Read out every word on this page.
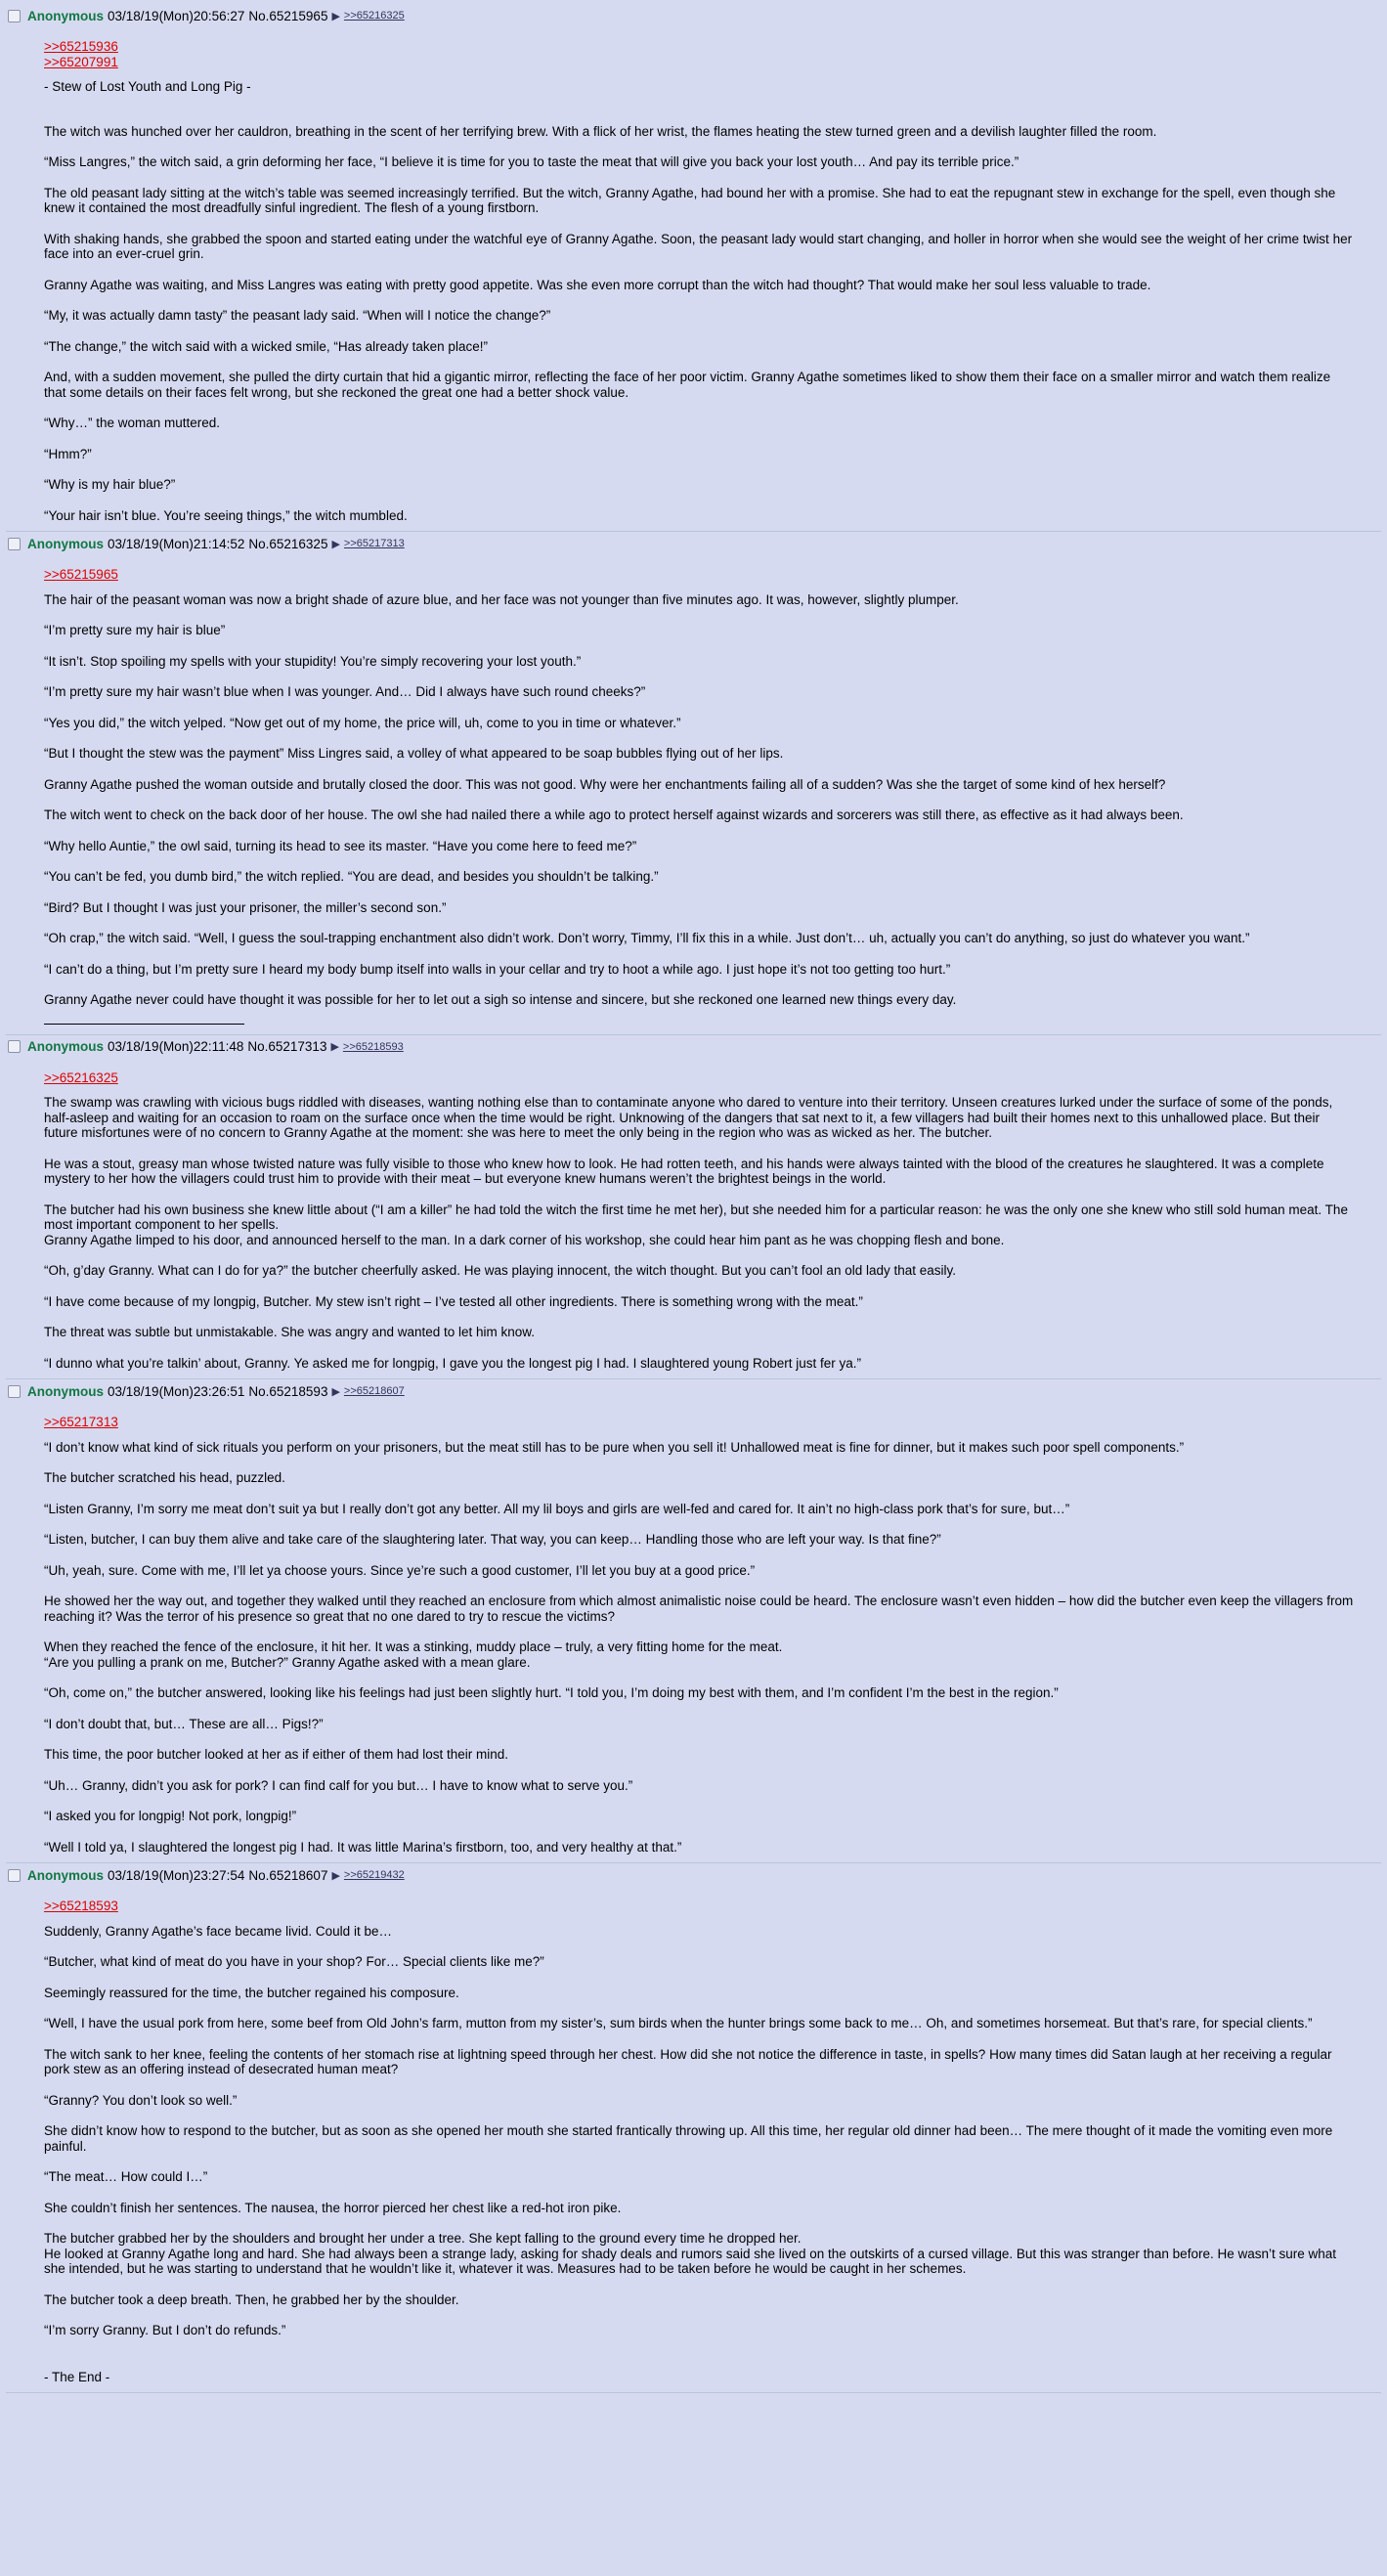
Anonymous 03/18/19(Mon)20:56:27 No.65215965 ▶ >>65216325
>>65215936
>>65207991

- Stew of Lost Youth and Long Pig -

The witch was hunched over her cauldron, breathing in the scent of her terrifying brew. With a flick of her wrist, the flames heating the stew turned green and a devilish laughter filled the room.

“Miss Langres,” the witch said, a grin deforming her face, “I believe it is time for you to taste the meat that will give you back your lost youth… And pay its terrible price.”

The old peasant lady sitting at the witch’s table was seemed increasingly terrified. But the witch, Granny Agathe, had bound her with a promise. She had to eat the repugnant stew in exchange for the spell, even though she knew it contained the most dreadfully sinful ingredient. The flesh of a young firstborn.

With shaking hands, she grabbed the spoon and started eating under the watchful eye of Granny Agathe. Soon, the peasant lady would start changing, and holler in horror when she would see the weight of her crime twist her face into an ever-cruel grin.

Granny Agathe was waiting, and Miss Langres was eating with pretty good appetite. Was she even more corrupt than the witch had thought? That would make her soul less valuable to trade.

“My, it was actually damn tasty” the peasant lady said. “When will I notice the change?”

“The change,” the witch said with a wicked smile, “Has already taken place!”

And, with a sudden movement, she pulled the dirty curtain that hid a gigantic mirror, reflecting the face of her poor victim. Granny Agathe sometimes liked to show them their face on a smaller mirror and watch them realize that some details on their faces felt wrong, but she reckoned the great one had a better shock value.

“Why…” the woman muttered.

“Hmm?”

“Why is my hair blue?”

“Your hair isn’t blue. You’re seeing things,” the witch mumbled.

Anonymous 03/18/19(Mon)21:14:52 No.65216325 ▶ >>65217313
>>65215965

The hair of the peasant woman was now a bright shade of azure blue, and her face was not younger than five minutes ago. It was, however, slightly plumper.

“I’m pretty sure my hair is blue”

“It isn’t. Stop spoiling my spells with your stupidity! You’re simply recovering your lost youth.”

“I’m pretty sure my hair wasn’t blue when I was younger. And… Did I always have such round cheeks?”

“Yes you did,” the witch yelped. “Now get out of my home, the price will, uh, come to you in time or whatever.”

“But I thought the stew was the payment” Miss Lingres said, a volley of what appeared to be soap bubbles flying out of her lips.

Granny Agathe pushed the woman outside and brutally closed the door. This was not good. Why were her enchantments failing all of a sudden? Was she the target of some kind of hex herself?

The witch went to check on the back door of her house. The owl she had nailed there a while ago to protect herself against wizards and sorcerers was still there, as effective as it had always been.

“Why hello Auntie,” the owl said, turning its head to see its master. “Have you come here to feed me?”

“You can’t be fed, you dumb bird,” the witch replied. “You are dead, and besides you shouldn’t be talking.”

“Bird? But I thought I was just your prisoner, the miller’s second son.”

“Oh crap,” the witch said. “Well, I guess the soul-trapping enchantment also didn’t work. Don’t worry, Timmy, I’ll fix this in a while. Just don’t… uh, actually you can’t do anything, so just do whatever you want.”

“I can’t do a thing, but I’m pretty sure I heard my body bump itself into walls in your cellar and try to hoot a while ago. I just hope it’s not too getting too hurt.”

Granny Agathe never could have thought it was possible for her to let out a sigh so intense and sincere, but she reckoned one learned new things every day.

Anonymous 03/18/19(Mon)22:11:48 No.65217313 ▶ >>65218593
>>65216325

The swamp was crawling with vicious bugs riddled with diseases, wanting nothing else than to contaminate anyone who dared to venture into their territory. Unseen creatures lurked under the surface of some of the ponds, half-asleep and waiting for an occasion to roam on the surface once when the time would be right. Unknowing of the dangers that sat next to it, a few villagers had built their homes next to this unhallowed place. But their future misfortunes were of no concern to Granny Agathe at the moment: she was here to meet the only being in the region who was as wicked as her. The butcher.

He was a stout, greasy man whose twisted nature was fully visible to those who knew how to look. He had rotten teeth, and his hands were always tainted with the blood of the creatures he slaughtered. It was a complete mystery to her how the villagers could trust him to provide with their meat – but everyone knew humans weren’t the brightest beings in the world.

The butcher had his own business she knew little about (“I am a killer” he had told the witch the first time he met her), but she needed him for a particular reason: he was the only one she knew who still sold human meat. The most important component to her spells.
Granny Agathe limped to his door, and announced herself to the man. In a dark corner of his workshop, she could hear him pant as he was chopping flesh and bone.

“Oh, g’day Granny. What can I do for ya?” the butcher cheerfully asked. He was playing innocent, the witch thought. But you can’t fool an old lady that easily.

“I have come because of my longpig, Butcher. My stew isn’t right – I’ve tested all other ingredients. There is something wrong with the meat.”

The threat was subtle but unmistakable. She was angry and wanted to let him know.

“I dunno what you’re talkin’ about, Granny. Ye asked me for longpig, I gave you the longest pig I had. I slaughtered young Robert just fer ya.”

Anonymous 03/18/19(Mon)23:26:51 No.65218593 ▶ >>65218607
>>65217313

“I don’t know what kind of sick rituals you perform on your prisoners, but the meat still has to be pure when you sell it! Unhallowed meat is fine for dinner, but it makes such poor spell components.”

The butcher scratched his head, puzzled.

“Listen Granny, I’m sorry me meat don’t suit ya but I really don’t got any better. All my lil boys and girls are well-fed and cared for. It ain’t no high-class pork that’s for sure, but…”

“Listen, butcher, I can buy them alive and take care of the slaughtering later. That way, you can keep… Handling those who are left your way. Is that fine?”

“Uh, yeah, sure. Come with me, I’ll let ya choose yours. Since ye’re such a good customer, I’ll let you buy at a good price.”

He showed her the way out, and together they walked until they reached an enclosure from which almost animalistic noise could be heard. The enclosure wasn’t even hidden – how did the butcher even keep the villagers from reaching it? Was the terror of his presence so great that no one dared to try to rescue the victims?

When they reached the fence of the enclosure, it hit her. It was a stinking, muddy place – truly, a very fitting home for the meat.
“Are you pulling a prank on me, Butcher?” Granny Agathe asked with a mean glare.

“Oh, come on,” the butcher answered, looking like his feelings had just been slightly hurt. “I told you, I’m doing my best with them, and I’m confident I’m the best in the region.”

“I don’t doubt that, but… These are all… Pigs!?”

This time, the poor butcher looked at her as if either of them had lost their mind.

“Uh… Granny, didn’t you ask for pork? I can find calf for you but… I have to know what to serve you.”

“I asked you for longpig! Not pork, longpig!”

“Well I told ya, I slaughtered the longest pig I had. It was little Marina’s firstborn, too, and very healthy at that.”

Anonymous 03/18/19(Mon)23:27:54 No.65218607 ▶ >>65219432
>>65218593

Suddenly, Granny Agathe’s face became livid. Could it be…

“Butcher, what kind of meat do you have in your shop? For… Special clients like me?”

Seemingly reassured for the time, the butcher regained his composure.

“Well, I have the usual pork from here, some beef from Old John’s farm, mutton from my sister’s, sum birds when the hunter brings some back to me… Oh, and sometimes horsemeat. But that’s rare, for special clients.”

The witch sank to her knee, feeling the contents of her stomach rise at lightning speed through her chest. How did she not notice the difference in taste, in spells? How many times did Satan laugh at her receiving a regular pork stew as an offering instead of desecrated human meat?

“Granny? You don’t look so well.”

She didn’t know how to respond to the butcher, but as soon as she opened her mouth she started frantically throwing up. All this time, her regular old dinner had been… The mere thought of it made the vomiting even more painful.

“The meat… How could I…”

She couldn’t finish her sentences. The nausea, the horror pierced her chest like a red-hot iron pike.

The butcher grabbed her by the shoulders and brought her under a tree. She kept falling to the ground every time he dropped her.
He looked at Granny Agathe long and hard. She had always been a strange lady, asking for shady deals and rumors said she lived on the outskirts of a cursed village. But this was stranger than before. He wasn’t sure what she intended, but he was starting to understand that he wouldn’t like it, whatever it was. Measures had to be taken before he would be caught in her schemes.

The butcher took a deep breath. Then, he grabbed her by the shoulder.

“I’m sorry Granny. But I don’t do refunds.”

- The End -
